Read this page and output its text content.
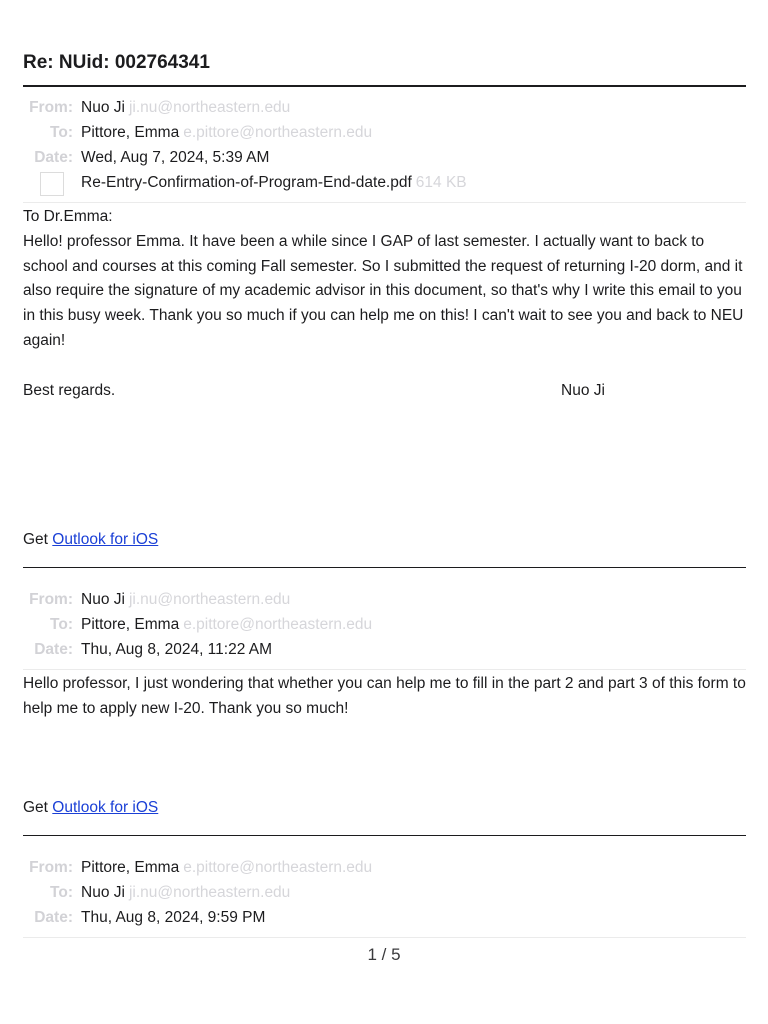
Re: NUid: 002764341
From: Nuo Ji ji.nu@northeastern.edu
To: Pittore, Emma e.pittore@northeastern.edu
Date: Wed, Aug 7, 2024, 5:39 AM
Re-Entry-Confirmation-of-Program-End-date.pdf 614 KB

To Dr.Emma:

Hello! professor Emma. It have been a while since I GAP of last semester. I actually want to back to school and courses at this coming Fall semester. So I submitted the request of returning I-20 dorm, and it also require the signature of my academic advisor in this document, so that's why I write this email to you in this busy week. Thank you so much if you can help me on this! I can't wait to see you and back to NEU again!

Best regards.	Nuo Ji
Get Outlook for iOS
From: Nuo Ji ji.nu@northeastern.edu
To: Pittore, Emma e.pittore@northeastern.edu
Date: Thu, Aug 8, 2024, 11:22 AM

Hello professor, I just wondering that whether you can help me to fill in the part 2 and part 3 of this form to help me to apply new I-20. Thank you so much!

Get Outlook for iOS
From: Pittore, Emma e.pittore@northeastern.edu
To: Nuo Ji ji.nu@northeastern.edu
Date: Thu, Aug 8, 2024, 9:59 PM
1 / 5
